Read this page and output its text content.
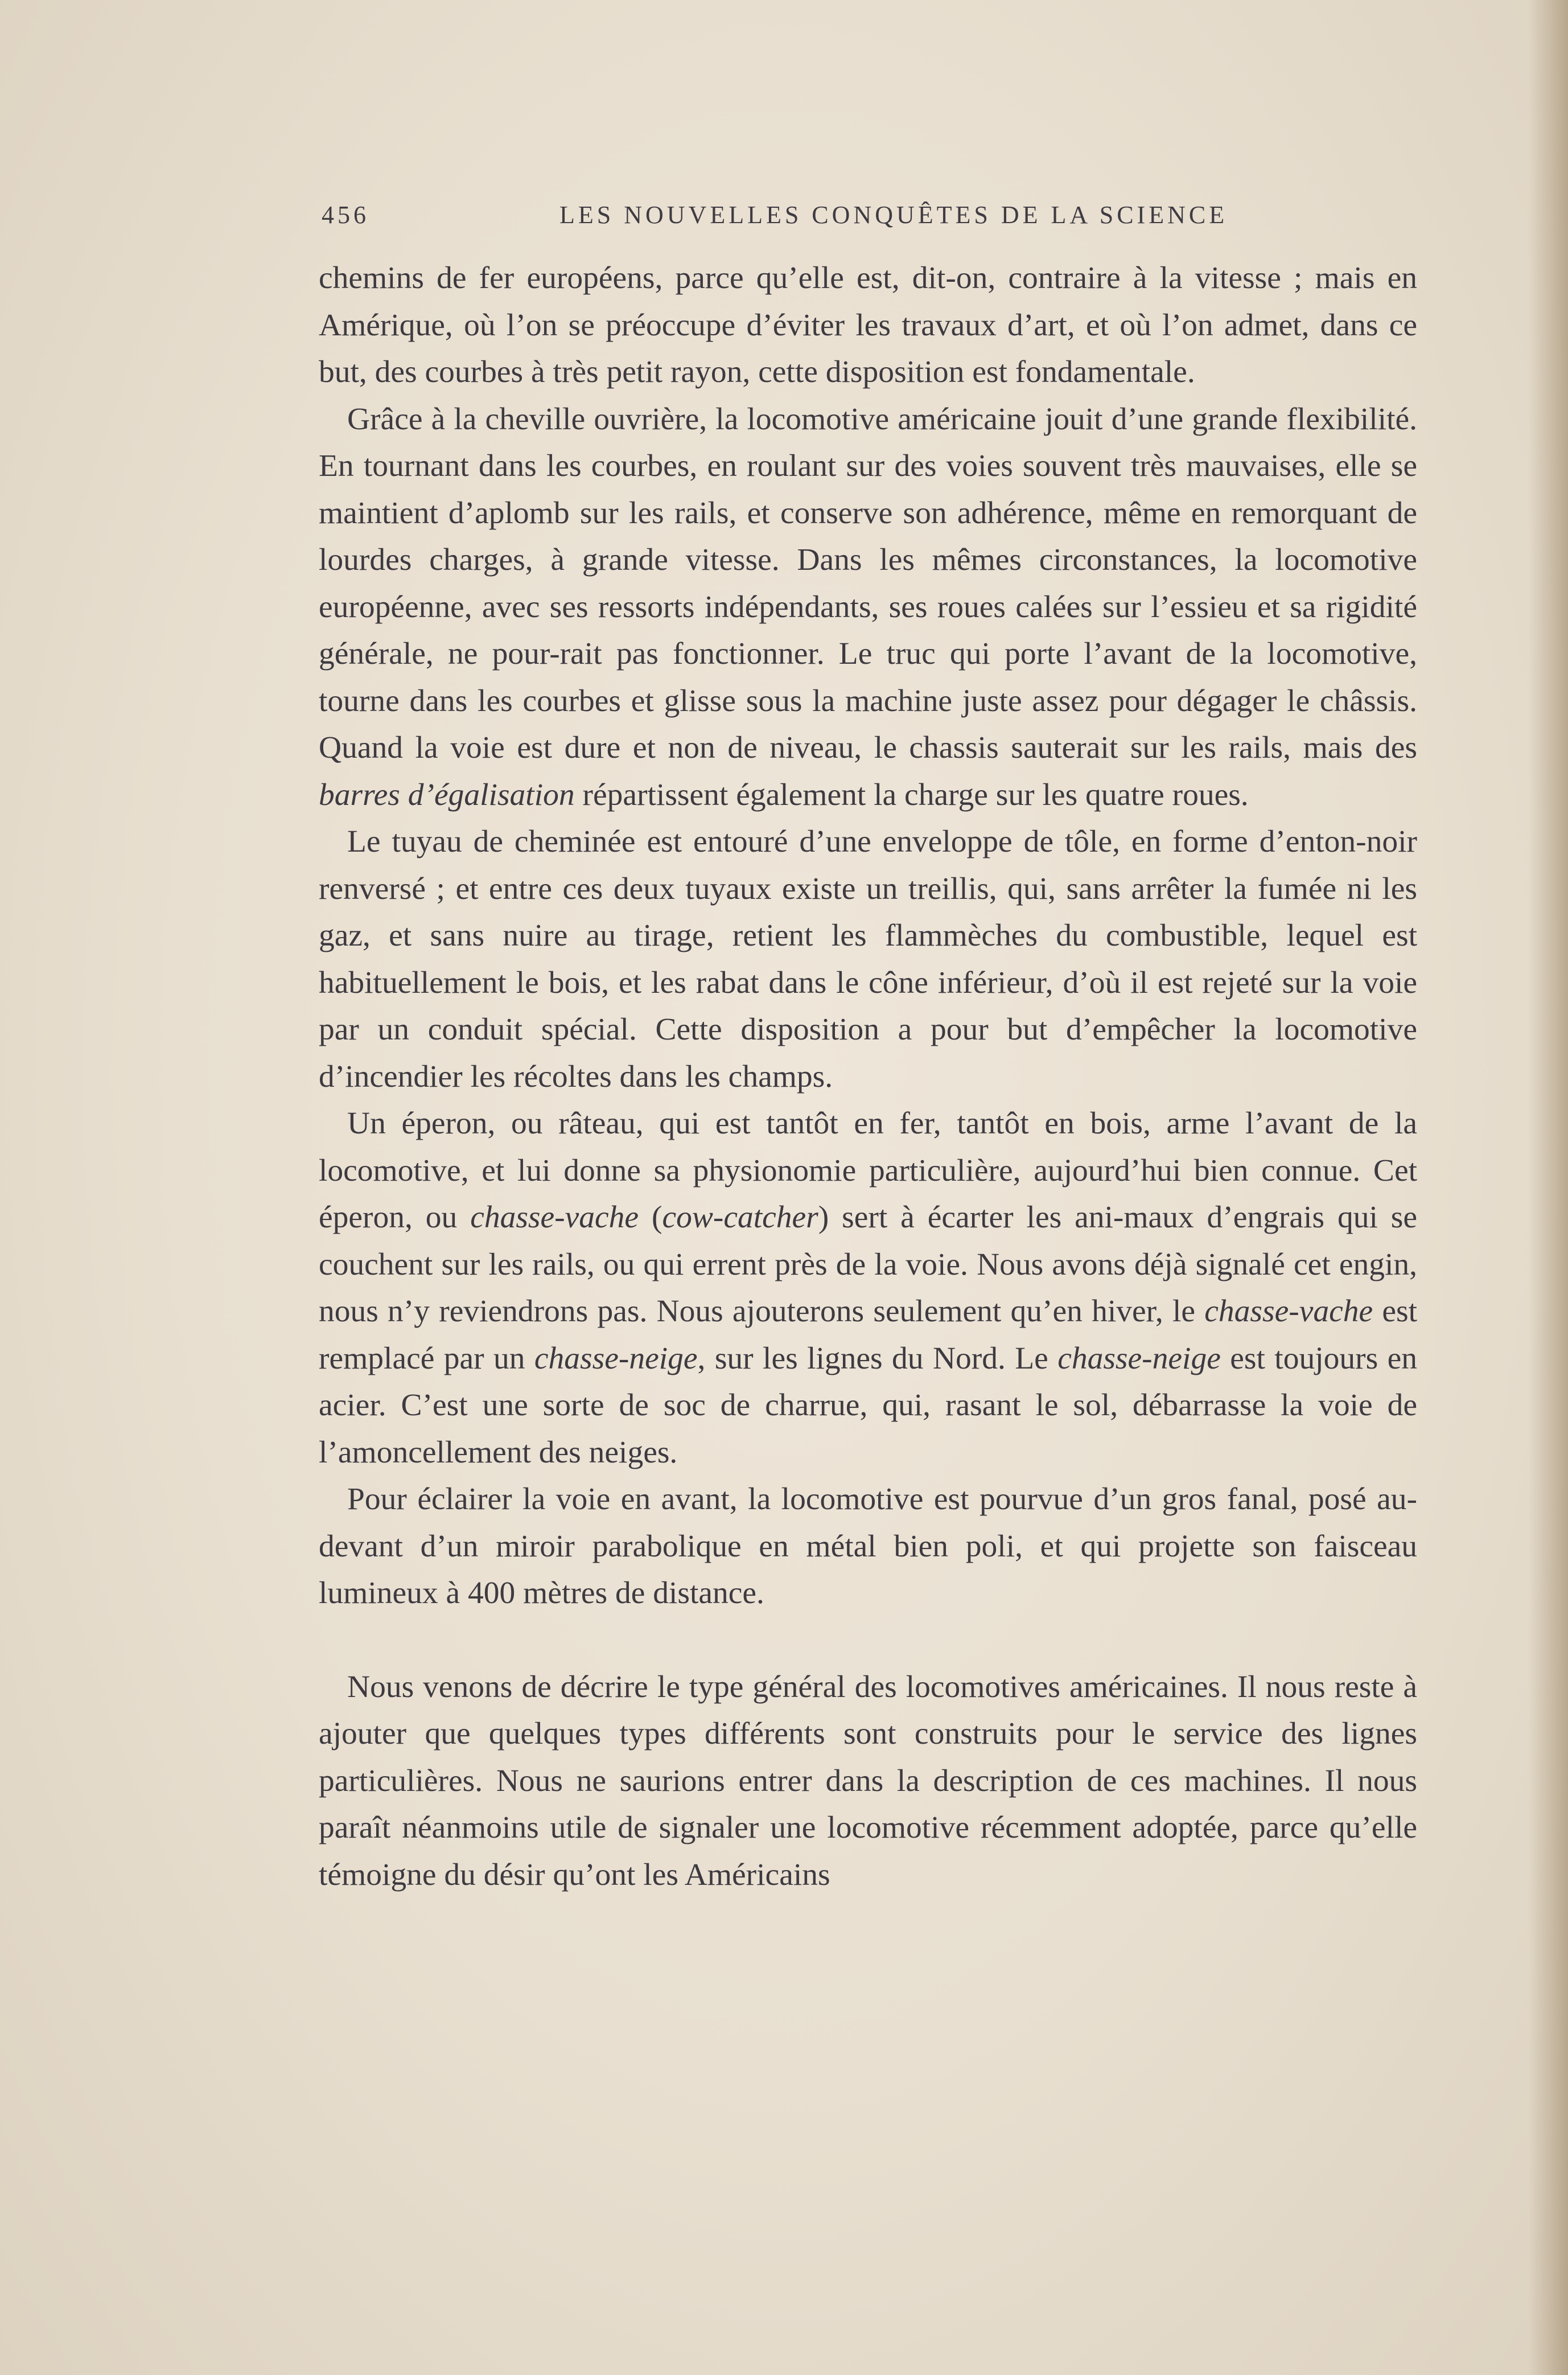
456	LES NOUVELLES CONQUÊTES DE LA SCIENCE

chemins de fer européens, parce qu’elle est, dit-on, contraire à la vitesse ; mais en Amérique, où l’on se préoccupe d’éviter les travaux d’art, et où l’on admet, dans ce but, des courbes à très petit rayon, cette disposition est fondamentale.

Grâce à la cheville ouvrière, la locomotive américaine jouit d’une grande flexibilité. En tournant dans les courbes, en roulant sur des voies souvent très mauvaises, elle se maintient d’aplomb sur les rails, et conserve son adhérence, même en remorquant de lourdes charges, à grande vitesse. Dans les mêmes circonstances, la locomotive européenne, avec ses ressorts indépendants, ses roues calées sur l’essieu et sa rigidité générale, ne pour-rait pas fonctionner. Le truc qui porte l’avant de la locomotive, tourne dans les courbes et glisse sous la machine juste assez pour dégager le châssis. Quand la voie est dure et non de niveau, le chassis sauterait sur les rails, mais des barres d’égalisation répartissent également la charge sur les quatre roues.

Le tuyau de cheminée est entouré d’une enveloppe de tôle, en forme d’enton-noir renversé ; et entre ces deux tuyaux existe un treillis, qui, sans arrêter la fumée ni les gaz, et sans nuire au tirage, retient les flammèches du combustible, lequel est habituellement le bois, et les rabat dans le cône inférieur, d’où il est rejeté sur la voie par un conduit spécial. Cette disposition a pour but d’empêcher la locomotive d’incendier les récoltes dans les champs.

Un éperon, ou râteau, qui est tantôt en fer, tantôt en bois, arme l’avant de la locomotive, et lui donne sa physionomie particulière, aujourd’hui bien connue. Cet éperon, ou chasse-vache (cow-catcher) sert à écarter les ani-maux d’engrais qui se couchent sur les rails, ou qui errent près de la voie. Nous avons déjà signalé cet engin, nous n’y reviendrons pas. Nous ajouterons seulement qu’en hiver, le chasse-vache est remplacé par un chasse-neige, sur les lignes du Nord. Le chasse-neige est toujours en acier. C’est une sorte de soc de charrue, qui, rasant le sol, débarrasse la voie de l’amoncellement des neiges.

Pour éclairer la voie en avant, la locomotive est pourvue d’un gros fanal, posé au-devant d’un miroir parabolique en métal bien poli, et qui projette son faisceau lumineux à 400 mètres de distance.

Nous venons de décrire le type général des locomotives américaines. Il nous reste à ajouter que quelques types différents sont construits pour le service des lignes particulières. Nous ne saurions entrer dans la description de ces machines. Il nous paraît néanmoins utile de signaler une locomotive récemment adoptée, parce qu’elle témoigne du désir qu’ont les Américains
